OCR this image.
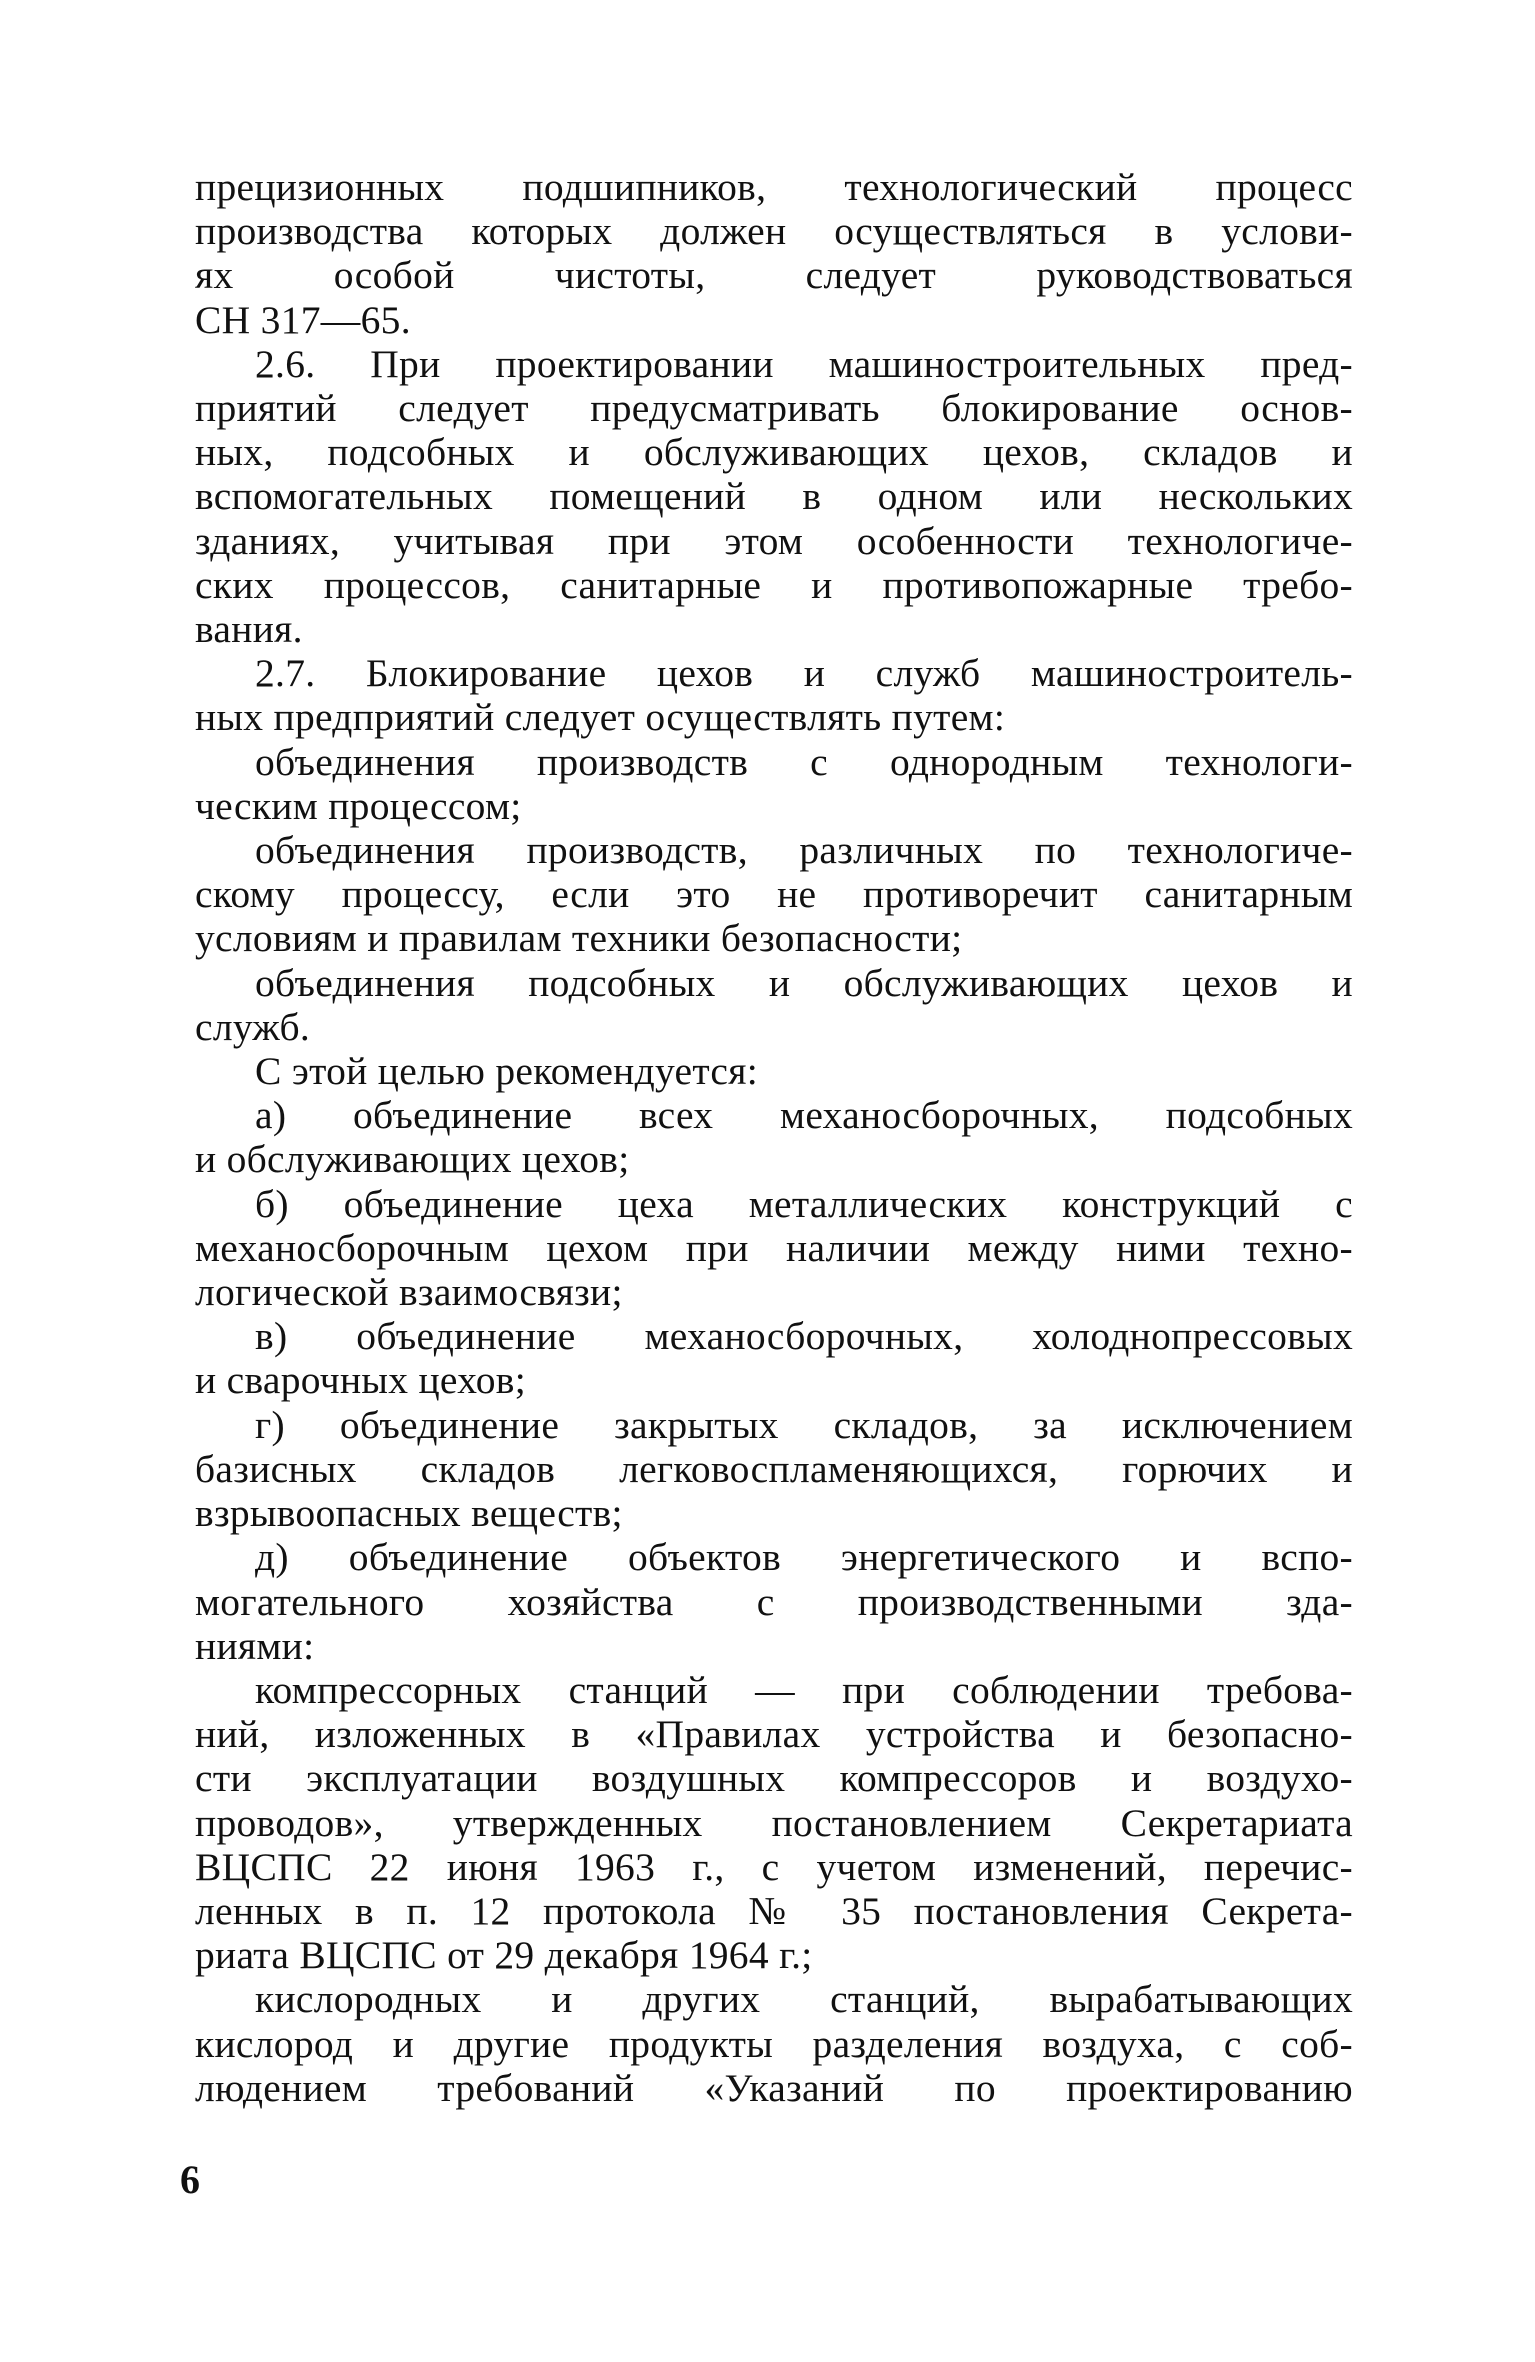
прецизионных подшипников, технологический процесс
производства которых должен осуществляться в услови-
ях особой чистоты, следует руководствоваться
СН 317—65.
2.6. При проектировании машиностроительных пред-
приятий следует предусматривать блокирование основ-
ных, подсобных и обслуживающих цехов, складов и
вспомогательных помещений в одном или нескольких
зданиях, учитывая при этом особенности технологиче-
ских процессов, санитарные и противопожарные требо-
вания.
2.7. Блокирование цехов и служб машиностроитель-
ных предприятий следует осуществлять путем:
объединения производств с однородным технологи-
ческим процессом;
объединения производств, различных по технологиче-
скому процессу, если это не противоречит санитарным
условиям и правилам техники безопасности;
объединения подсобных и обслуживающих цехов и
служб.
С этой целью рекомендуется:
а) объединение всех механосборочных, подсобных
и обслуживающих цехов;
б) объединение цеха металлических конструкций с
механосборочным цехом при наличии между ними техно-
логической взаимосвязи;
в) объединение механосборочных, холоднопрессовых
и сварочных цехов;
г) объединение закрытых складов, за исключением
базисных складов легковоспламеняющихся, горючих и
взрывоопасных веществ;
д) объединение объектов энергетического и вспо-
могательного хозяйства с производственными зда-
ниями:
компрессорных станций — при соблюдении требова-
ний, изложенных в «Правилах устройства и безопасно-
сти эксплуатации воздушных компрессоров и воздухо-
проводов», утвержденных постановлением Секретариата
ВЦСПС 22 июня 1963 г., с учетом изменений, перечис-
ленных в п. 12 протокола № 35 постановления Секрета-
риата ВЦСПС от 29 декабря 1964 г.;
кислородных и других станций, вырабатывающих
кислород и другие продукты разделения воздуха, с соб-
людением требований «Указаний по проектированию
6
